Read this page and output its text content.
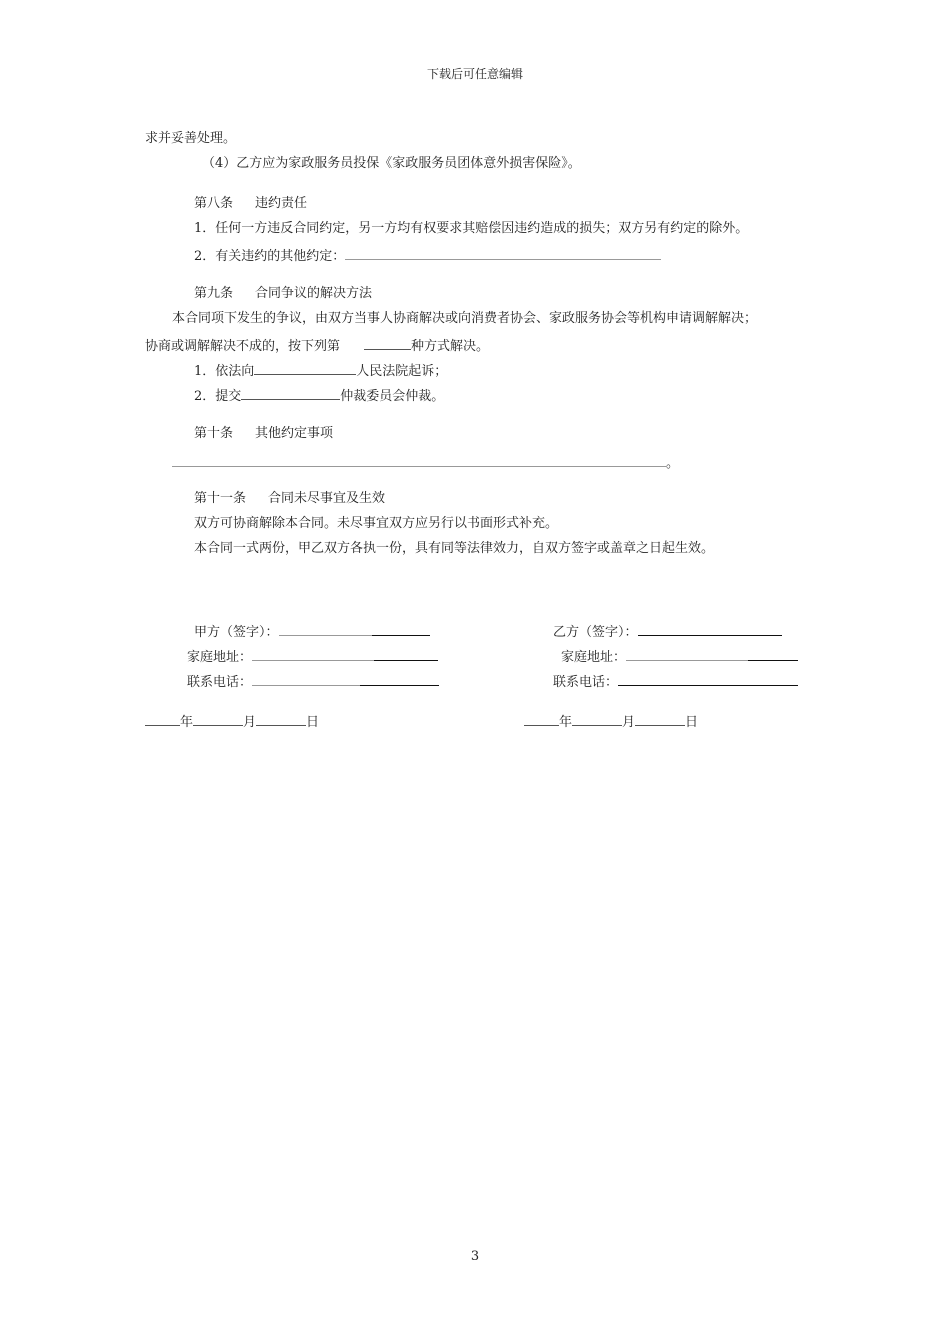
下载后可任意编辑
求并妥善处理。
（4）乙方应为家政服务员投保《家政服务员团体意外损害保险》。
第八条 违约责任
1．任何一方违反合同约定，另一方均有权要求其赔偿因违约造成的损失；双方另有约定的除外。
2．有关违约的其他约定：
第九条 合同争议的解决方法
本合同项下发生的争议，由双方当事人协商解决或向消费者协会、家政服务协会等机构申请调解解决；
协商或调解解决不成的，按下列第	种方式解决。
1．依法向	人民法院起诉；
2．提交	仲裁委员会仲裁。
第十条 其他约定事项
。
第十一条 合同未尽事宜及生效
双方可协商解除本合同。未尽事宜双方应另行以书面形式补充。
本合同一式两份，甲乙双方各执一份，具有同等法律效力，自双方签字或盖章之日起生效。
甲方（签字）：
家庭地址：
联系电话：
乙方（签字）：
家庭地址：
联系电话：
年	月	日	年	月	日
3
